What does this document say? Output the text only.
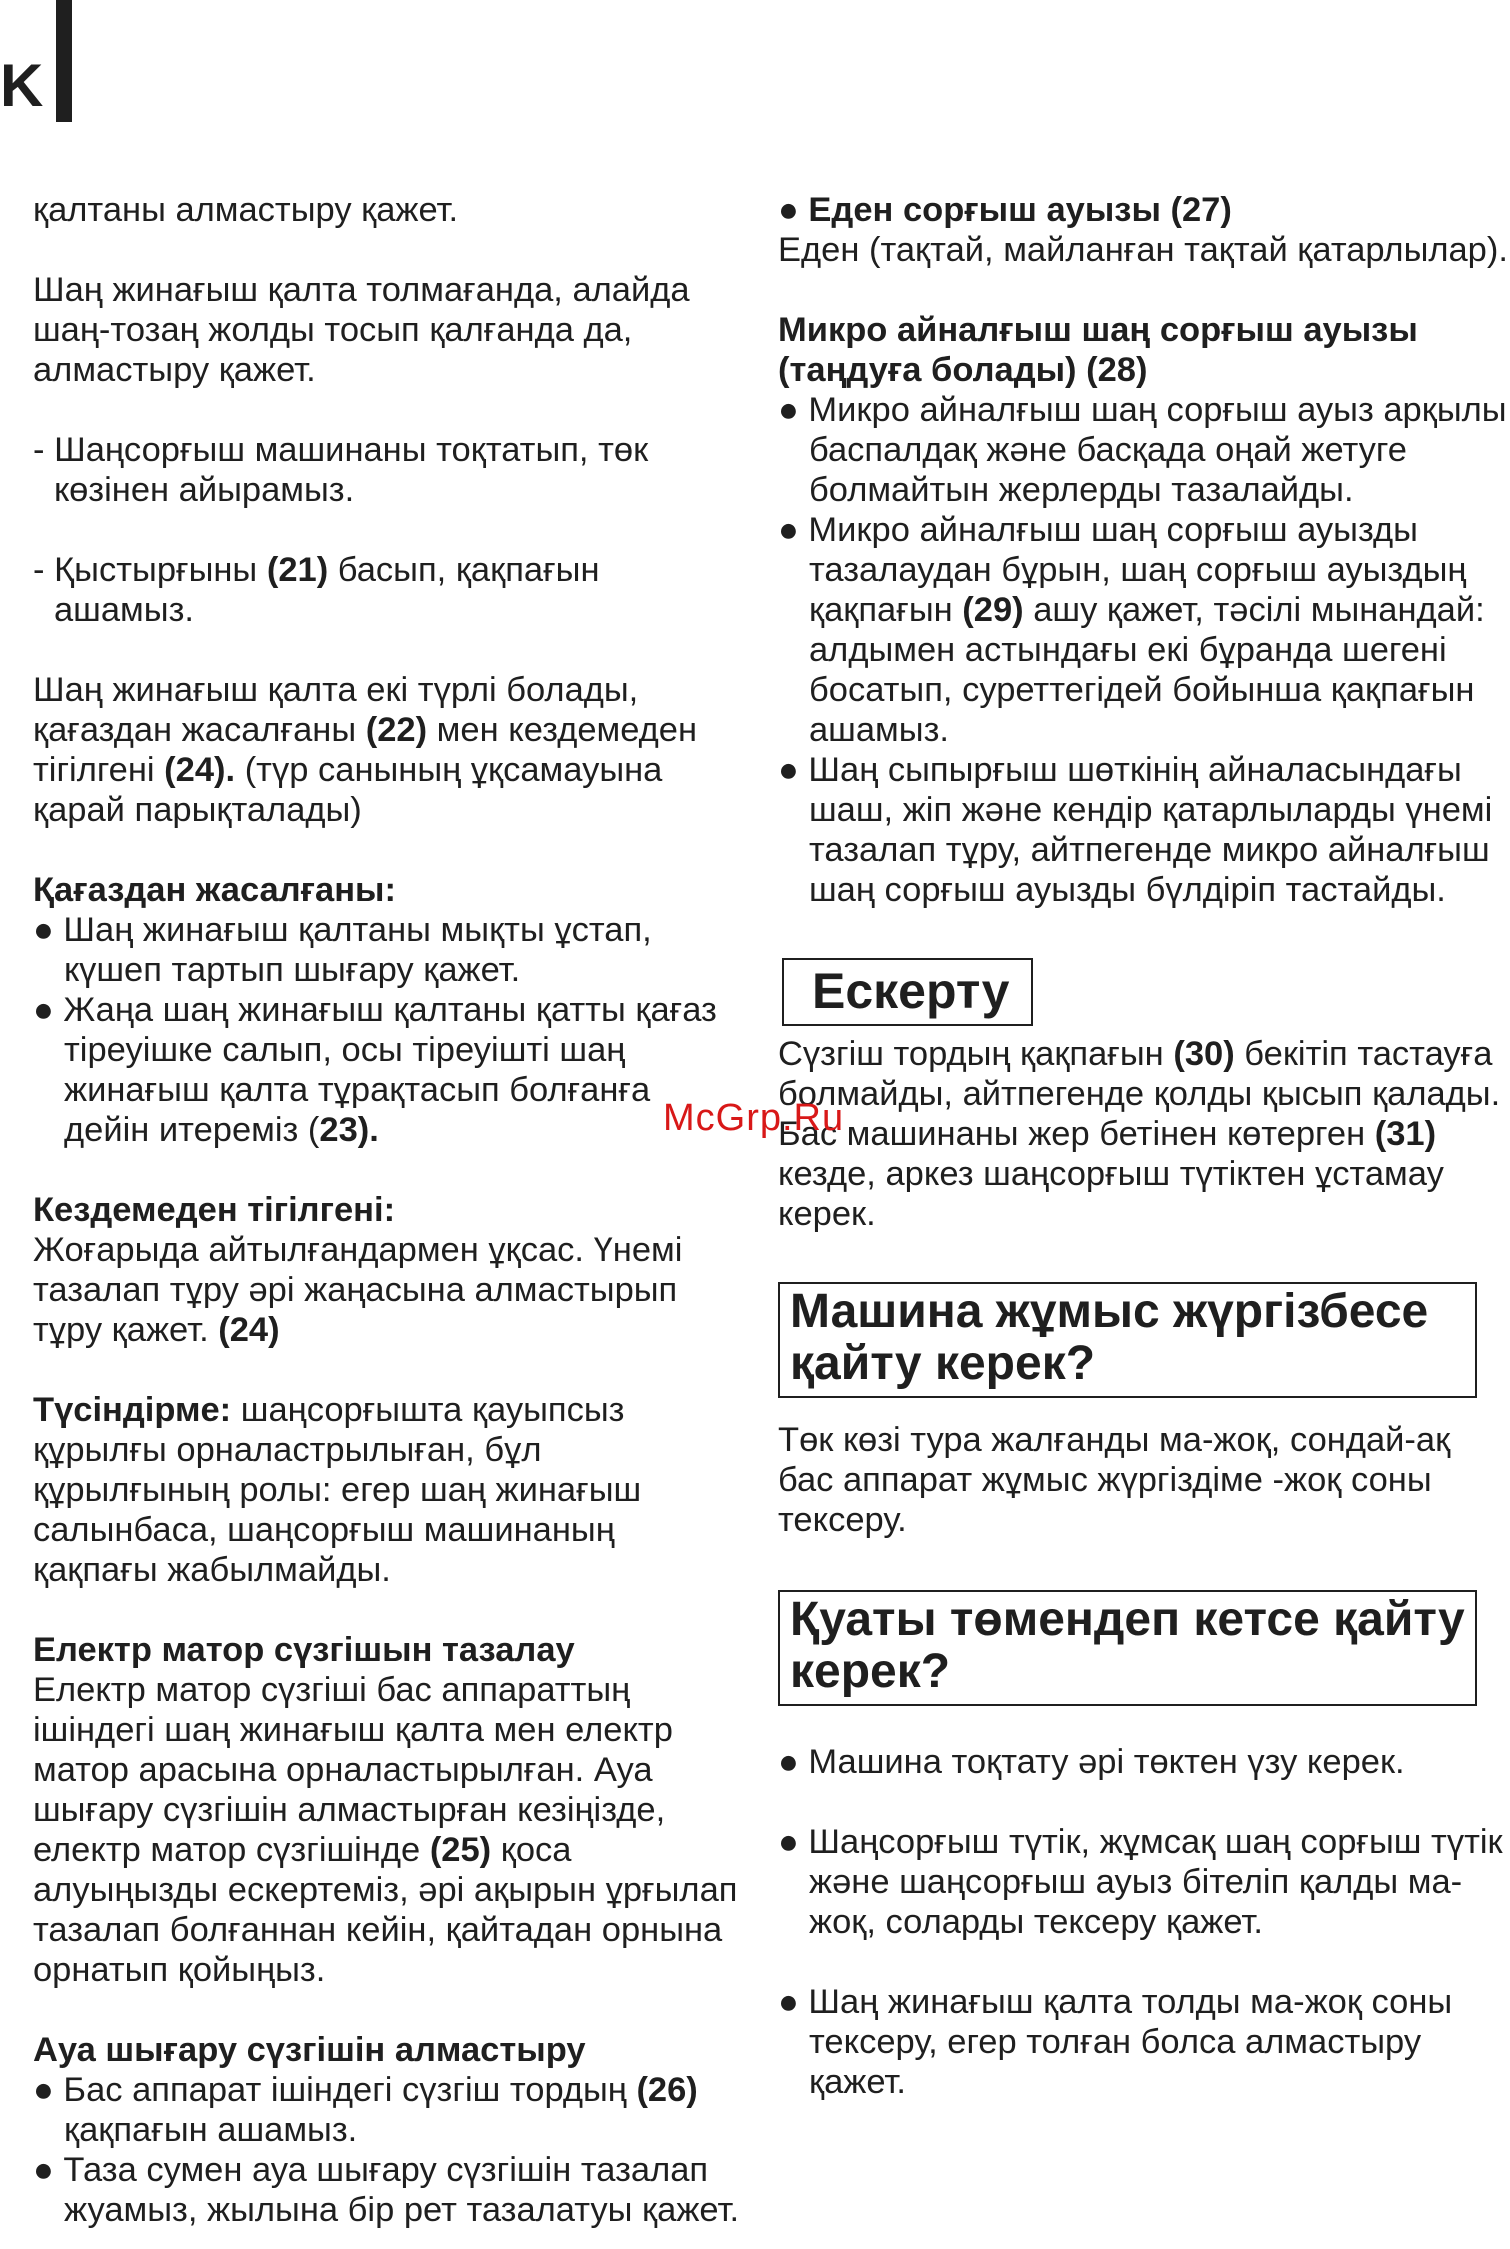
K

қалтаны алмастыру қажет.

Шаң жинағыш қалта толмағанда, алайда шаң-тозаң жолды тосып қалғанда да, алмастыру қажет.

- Шаңсорғыш машинаны тоқтатып, төк көзінен айырамыз.

- Қыстырғыны (21) басып, қақпағын ашамыз.

Шаң жинағыш қалта екі түрлі болады, қағаздан жасалғаны (22) мен кездемеден тігілгені (24). (түр санының ұқсамауына қарай парықталады)

Қағаздан жасалғаны:

● Шаң жинағыш қалтаны мықты ұстап, күшеп тартып шығару қажет.

● Жаңа шаң жинағыш қалтаны қатты қағаз тіреуішке салып, осы тіреуішті шаң жинағыш қалта тұрақтасып болғанға дейін итереміз (23).

Кездемеден тігілгені:

Жоғарыда айтылғандармен ұқсас. Үнемі тазалап тұру әрі жаңасына алмастырып тұру қажет. (24)

Түсіндірме: шаңсорғышта қауыпсыз құрылғы орналастрылыған, бұл құрылғының ролы: егер шаң жинағыш салынбаса, шаңсорғыш машинаның қақпағы жабылмайды.

Електр матор сүзгішын тазалау

Електр матор сүзгіші бас аппараттың ішіндегі шаң жинағыш қалта мен електр матор арасына орналастырылған. Ауа шығару сүзгішін алмастырған кезіңізде, електр матор сүзгішінде (25) қоса алуыңызды ескертеміз, әрі ақырын ұрғылап тазалап болғаннан кейін, қайтадан орнына орнатып қойыңыз.

Ауа шығару сүзгішін алмастыру

● Бас аппарат ішіндегі сүзгіш тордың (26) қақпағын ашамыз.

● Таза сумен ауа шығару сүзгішін тазалап жуамыз, жылына бір рет тазалатуы қажет.

● Еден сорғыш ауызы (27)

Еден (тақтай, майланған тақтай қатарлылар).

Микро айналғыш шаң сорғыш ауызы (таңдуға болады) (28)

● Микро айналғыш шаң сорғыш ауыз арқылы баспалдақ және басқада оңай жетуге болмайтын жерлерды тазалайды.

● Микро айналғыш шаң сорғыш ауызды тазалаудан бұрын, шаң сорғыш ауыздың қақпағын (29) ашу қажет, тәсілі мынандай: алдымен астындағы екі бұранда шегені босатып, суреттегідей бойынша қақпағын ашамыз.

● Шаң сыпырғыш шөткінің айналасындағы шаш, жіп және кендір қатарлыларды үнемі тазалап тұру, айтпегенде микро айналғыш шаң сорғыш ауызды бүлдіріп тастайды.

Ескерту

Сүзгіш тордың қақпағын (30) бекітіп тастауға болмайды, айтпегенде қолды қысып қалады.

Бас машинаны жер бетінен көтерген (31) кезде, аркез шаңсорғыш түтіктен ұстамау керек.

Машина жұмыс жүргізбесе қайту керек?

Төк көзі тура жалғанды ма-жоқ, сондай-ақ бас аппарат жұмыс жүргіздіме -жоқ соны тексеру.

Қуаты төмендеп кетсе қайту керек?

● Машина тоқтату әрі төктен үзу керек.

● Шаңсорғыш түтік, жұмсақ шаң сорғыш түтік және шаңсорғыш ауыз бітеліп қалды ма-жоқ, соларды тексеру қажет.

● Шаң жинағыш қалта толды ма-жоқ соны тексеру, егер толған болса алмастыру қажет.

McGrp.Ru
